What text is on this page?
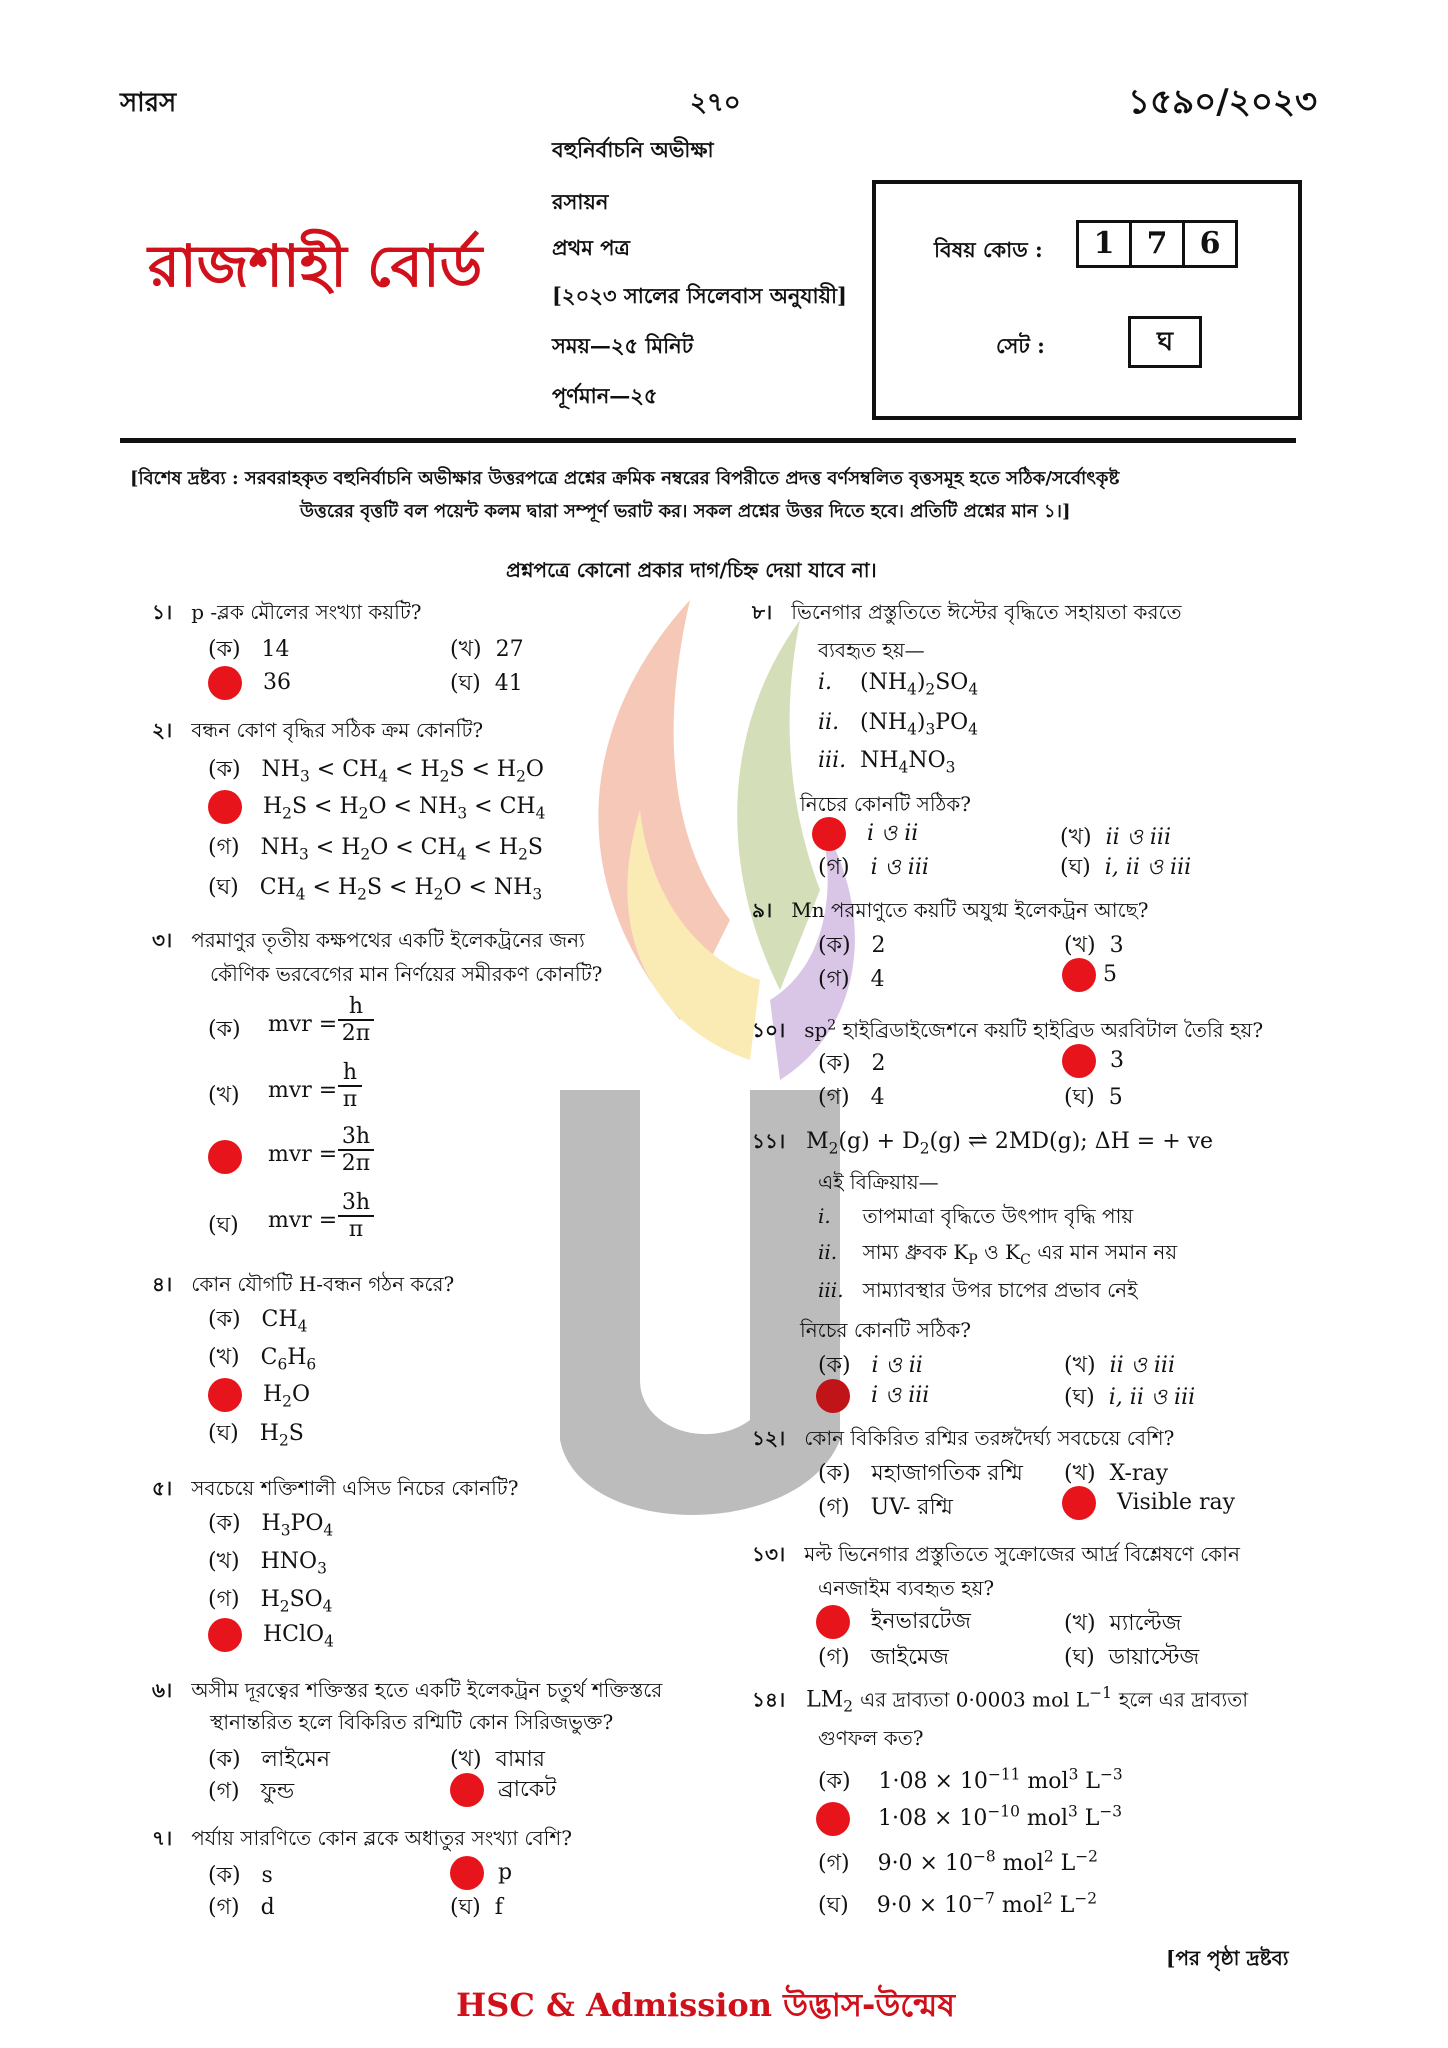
সারস	২৭০	১৫৯০/২০২৩
রাজশাহী বোর্ড
বহুনির্বাচনি অভীক্ষা
রসায়ন
প্রথম পত্র
[২০২৩ সালের সিলেবাস অনুযায়ী]
সময়—২৫ মিনিট
পূর্ণমান—২৫
বিষয় কোড :	1 7 6
সেট :	ঘ
[বিশেষ দ্রষ্টব্য : সরবরাহকৃত বহুনির্বাচনি অভীক্ষার উত্তরপত্রে প্রশ্নের ক্রমিক নম্বরের বিপরীতে প্রদত্ত বর্ণসম্বলিত বৃত্তসমূহ হতে সঠিক/সর্বোৎকৃষ্ট
উত্তরের বৃত্তটি বল পয়েন্ট কলম দ্বারা সম্পূর্ণ ভরাট কর। সকল প্রশ্নের উত্তর দিতে হবে। প্রতিটি প্রশ্নের মান ১।]
প্রশ্নপত্রে কোনো প্রকার দাগ/চিহ্ন দেয়া যাবে না।
১। p -ব্লক মৌলের সংখ্যা কয়টি?
(ক) 14	(খ) 27
36	(ঘ) 41
২। বন্ধন কোণ বৃদ্ধির সঠিক ক্রম কোনটি?
(ক)   $NH_3 < CH_4 < H_2S < H_2O$
$H_2S < H_2O < NH_3 < CH_4$
(গ)   $NH_3 < H_2O < CH_4 < H_2S$
(ঘ)   $CH_4 < H_2S < H_2O < NH_3$
৩। পরমাণুর তৃতীয় কক্ষপথের একটি ইলেকট্রনের জন্য
কৌণিক ভরবেগের মান নির্ণয়ের সমীরকণ কোনটি?
(ক) mvr =
h
2π
(খ) mvr =
h
π
mvr =
3h
2π
(ঘ) mvr =
3h
π
৪। কোন যৌগটি H-বন্ধন গঠন করে?
(ক)   $CH_4$
(খ)   $C_6H_6$
$H_2O$
(ঘ)   $H_2S$
৫। সবচেয়ে শক্তিশালী এসিড নিচের কোনটি?
(ক)   $H_3PO_4$
(খ)   $HNO_3$
(গ)   $H_2SO_4$
HClO$_4$
৬। অসীম দূরত্বের শক্তিস্তর হতে একটি ইলেকট্রন চতুর্থ শক্তিস্তরে
স্থানান্তরিত হলে বিকিরিত রশ্মিটি কোন সিরিজভুক্ত?
(ক) লাইমেন	(খ) বামার
(গ) ফুন্ড	ব্রাকেট
৭। পর্যায় সারণিতে কোন ব্লকে অধাতুর সংখ্যা বেশি?
(ক) s	p
(গ) d	(ঘ) f
৮। ভিনেগার প্রস্তুতিতে ঈস্টের বৃদ্ধিতে সহায়তা করতে
ব্যবহৃত হয়—
i.    $(NH_4)_2SO_4$
ii.   $(NH_4)_3PO_4$
iii.  $NH_4NO_3$
নিচের কোনটি সঠিক?
i ও ii	(খ) ii ও iii
(গ) i ও iii	(ঘ) i, ii ও iii
৯। Mn পরমাণুতে কয়টি অযুগ্ম ইলেকট্রন আছে?
(ক) 2	(খ) 3
(গ) 4	5
১০।   $sp^2$ হাইব্রিডাইজেশনে কয়টি হাইব্রিড অরবিটাল তৈরি হয়?
(ক) 2	3
(গ) 4	(ঘ) 5
১১।   $M_2(g) + D_2(g)$ ⇌ 2MD(g); ΔH = + ve
এই বিক্রিয়ায়—
i. তাপমাত্রা বৃদ্ধিতে উৎপাদ বৃদ্ধি পায়
ii. সাম্য ধ্রুবক $K_P$ ও $K_C$ এর মান সমান নয়
iii. সাম্যাবস্থার উপর চাপের প্রভাব নেই
নিচের কোনটি সঠিক?
(ক) i ও ii	(খ) ii ও iii
i ও iii	(ঘ) i, ii ও iii
১২। কোন বিকিরিত রশ্মির তরঙ্গদৈর্ঘ্য সবচেয়ে বেশি?
(ক) মহাজাগতিক রশ্মি (খ) X-ray
(গ) UV- রশ্মি	Visible ray
১৩। মল্ট ভিনেগার প্রস্তুতিতে সুক্রোজের আর্দ্র বিশ্লেষণে কোন
এনজাইম ব্যবহৃত হয়?
ইনভারটেজ	(খ) ম্যাল্টেজ
(গ) জাইমেজ	(ঘ) ডায়াস্টেজ
১৪।   $LM_2$ এর দ্রাব্যতা 0·0003 mol $L^{-1}$ হলে এর দ্রাব্যতা
গুণফল কত?
(ক)    $1\cdot 08 \times 10^{-11}$ mol$^3$ $L^{-3}$
$1\cdot 08 \times 10^{-10}$ mol$^3$ $L^{-3}$
(গ)    $9\cdot 0 \times 10^{-8}$ mol$^2$ $L^{-2}$
(ঘ)    $9\cdot 0 \times 10^{-7}$ mol$^2$ $L^{-2}$
[পর পৃষ্ঠা দ্রষ্টব্য
HSC & Admission উদ্ভাস-উন্মেষ
